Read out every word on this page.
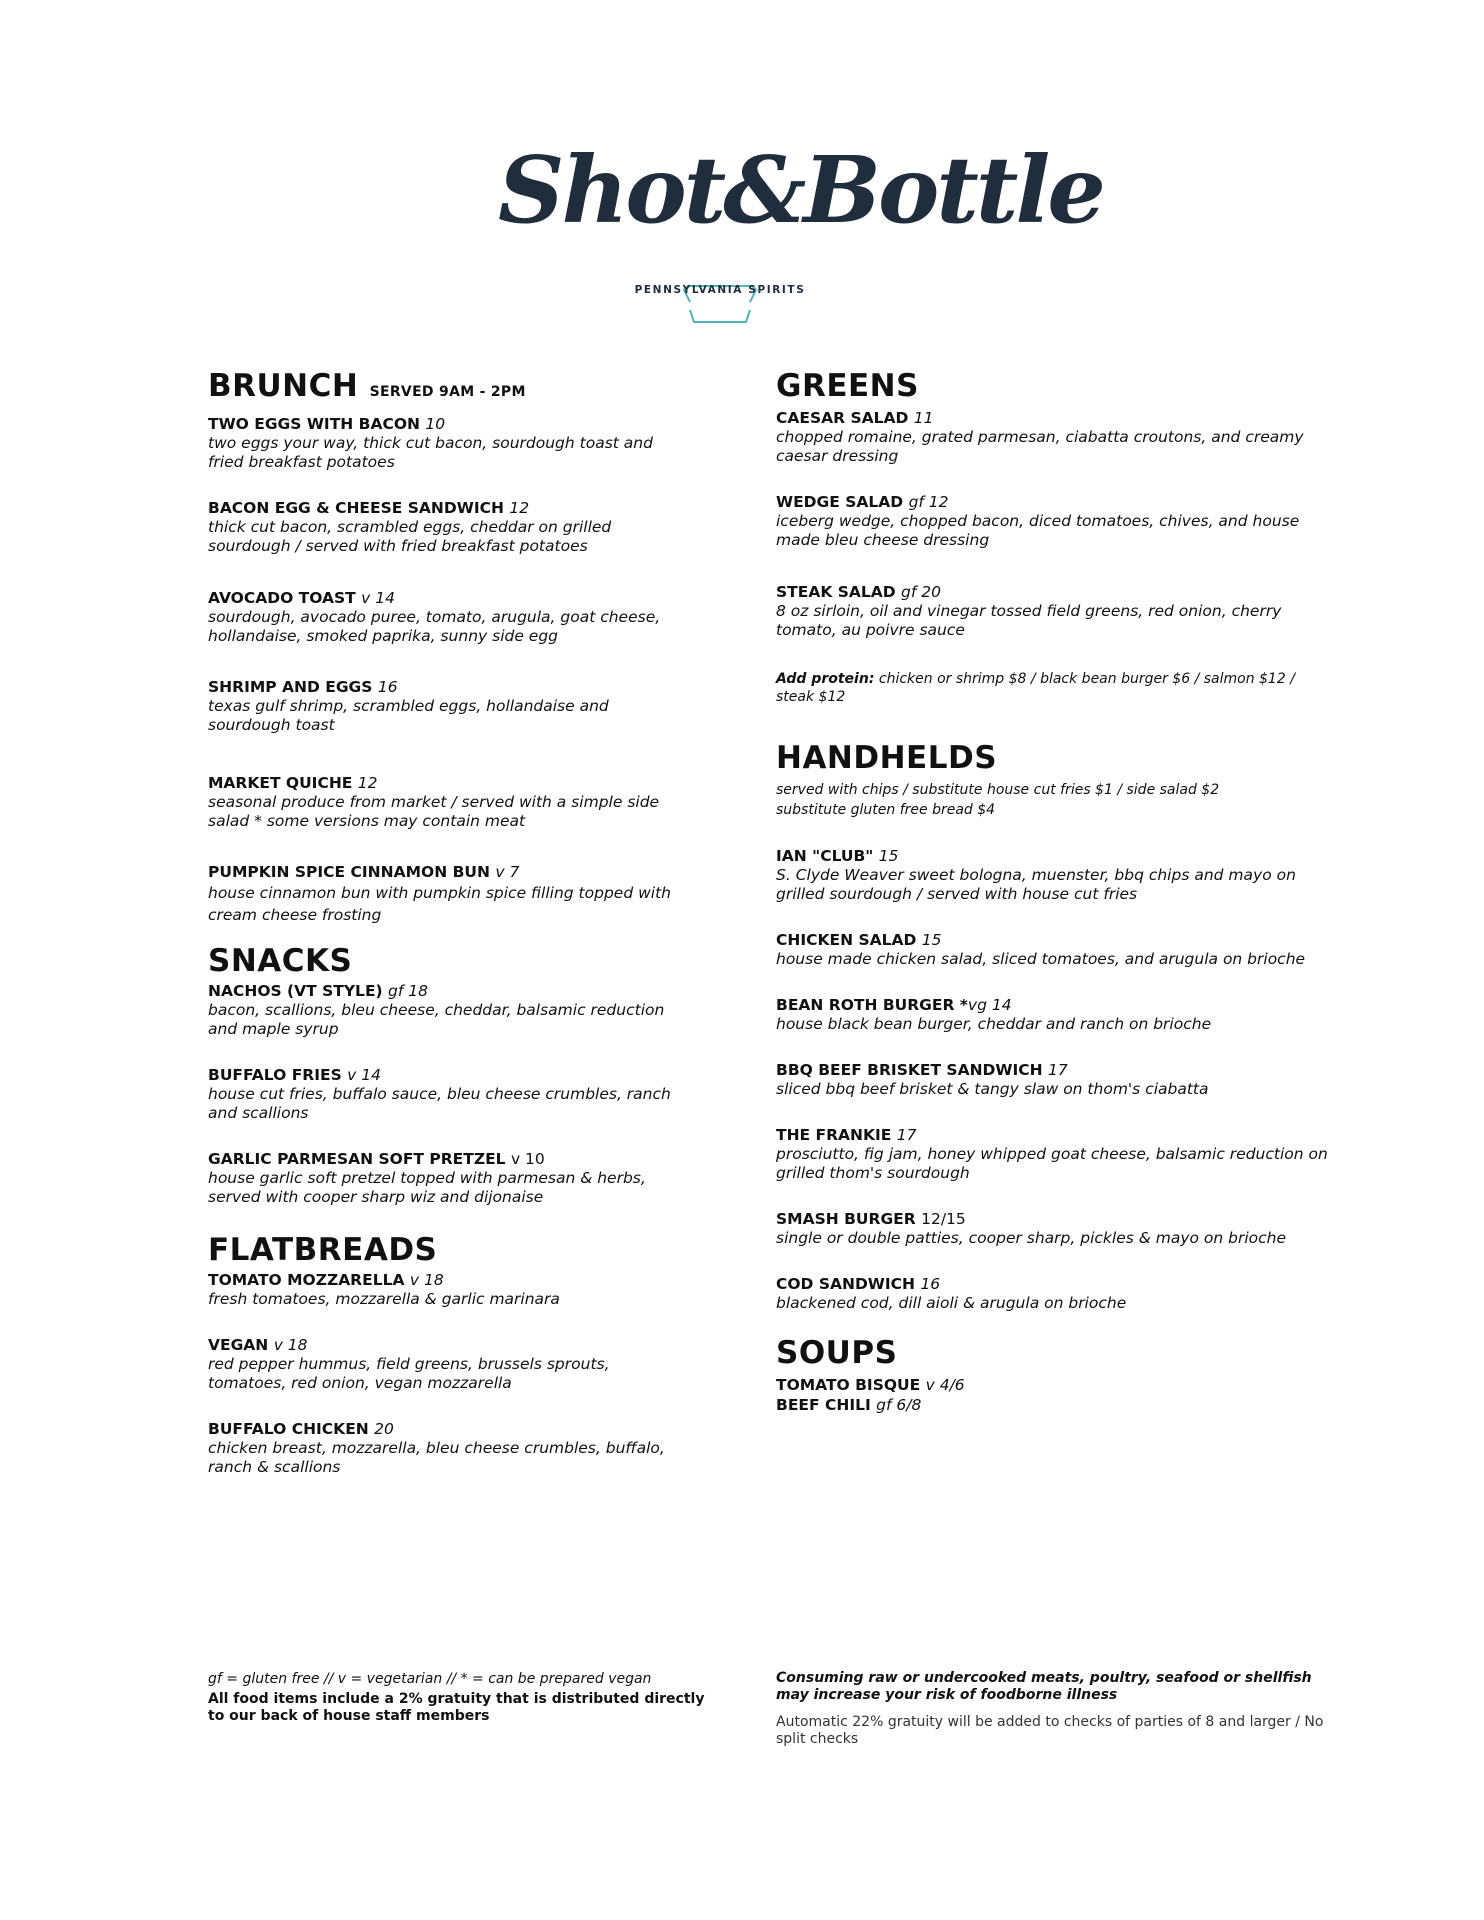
Shot&Bottle
PENNSYLVANIA SPIRITS
BRUNCH SERVED 9AM - 2PM
TWO EGGS WITH BACON 10
two eggs your way, thick cut bacon, sourdough toast and fried breakfast potatoes
BACON EGG & CHEESE SANDWICH 12
thick cut bacon, scrambled eggs, cheddar on grilled sourdough / served with fried breakfast potatoes
AVOCADO TOAST v 14
sourdough, avocado puree, tomato, arugula, goat cheese, hollandaise, smoked paprika, sunny side egg
SHRIMP AND EGGS 16
texas gulf shrimp, scrambled eggs, hollandaise and sourdough toast
MARKET QUICHE 12
seasonal produce from market / served with a simple side salad * some versions may contain meat
PUMPKIN SPICE CINNAMON BUN v 7
house cinnamon bun with pumpkin spice filling topped with cream cheese frosting
SNACKS
NACHOS (VT STYLE) gf 18
bacon, scallions, bleu cheese, cheddar, balsamic reduction and maple syrup
BUFFALO FRIES v 14
house cut fries, buffalo sauce, bleu cheese crumbles, ranch and scallions
GARLIC PARMESAN SOFT PRETZEL v 10
house garlic soft pretzel topped with parmesan & herbs, served with cooper sharp wiz and dijonaise
FLATBREADS
TOMATO MOZZARELLA v 18
fresh tomatoes, mozzarella & garlic marinara
VEGAN v 18
red pepper hummus, field greens, brussels sprouts, tomatoes, red onion, vegan mozzarella
BUFFALO CHICKEN 20
chicken breast, mozzarella, bleu cheese crumbles, buffalo, ranch & scallions
GREENS
CAESAR SALAD 11
chopped romaine, grated parmesan, ciabatta croutons, and creamy caesar dressing
WEDGE SALAD gf 12
iceberg wedge, chopped bacon, diced tomatoes, chives, and house made bleu cheese dressing
STEAK SALAD gf 20
8 oz sirloin, oil and vinegar tossed field greens, red onion, cherry tomato, au poivre sauce
Add protein: chicken or shrimp $8 / black bean burger $6 / salmon $12 / steak $12
HANDHELDS
served with chips / substitute house cut fries $1 / side salad $2
substitute gluten free bread $4
IAN "CLUB" 15
S. Clyde Weaver sweet bologna, muenster, bbq chips and mayo on grilled sourdough / served with house cut fries
CHICKEN SALAD 15
house made chicken salad, sliced tomatoes, and arugula on brioche
BEAN ROTH BURGER *vg 14
house black bean burger, cheddar and ranch on brioche
BBQ BEEF BRISKET SANDWICH 17
sliced bbq beef brisket & tangy slaw on thom's ciabatta
THE FRANKIE 17
prosciutto, fig jam, honey whipped goat cheese, balsamic reduction on grilled thom's sourdough
SMASH BURGER 12/15
single or double patties, cooper sharp, pickles & mayo on brioche
COD SANDWICH 16
blackened cod, dill aioli & arugula on brioche
SOUPS
TOMATO BISQUE v 4/6
BEEF CHILI gf 6/8
gf = gluten free // v = vegetarian // * = can be prepared vegan
All food items include a 2% gratuity that is distributed directly to our back of house staff members
Consuming raw or undercooked meats, poultry, seafood or shellfish may increase your risk of foodborne illness
Automatic 22% gratuity will be added to checks of parties of 8 and larger / No split checks
